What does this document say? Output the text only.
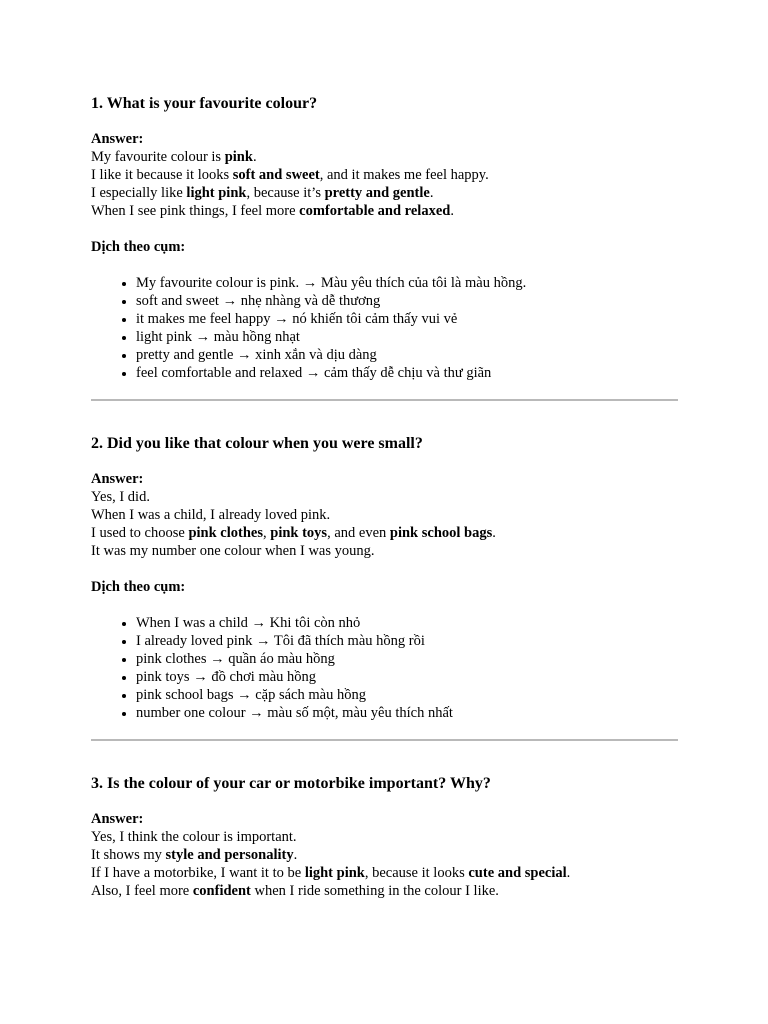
1. What is your favourite colour?
Answer:
My favourite colour is pink.
I like it because it looks soft and sweet, and it makes me feel happy.
I especially like light pink, because it’s pretty and gentle.
When I see pink things, I feel more comfortable and relaxed.
Dịch theo cụm:
• My favourite colour is pink. → Màu yêu thích của tôi là màu hồng.
• soft and sweet → nhẹ nhàng và dễ thương
• it makes me feel happy → nó khiến tôi cảm thấy vui vẻ
• light pink → màu hồng nhạt
• pretty and gentle → xinh xắn và dịu dàng
• feel comfortable and relaxed → cảm thấy dễ chịu và thư giãn
2. Did you like that colour when you were small?
Answer:
Yes, I did.
When I was a child, I already loved pink.
I used to choose pink clothes, pink toys, and even pink school bags.
It was my number one colour when I was young.
Dịch theo cụm:
• When I was a child → Khi tôi còn nhỏ
• I already loved pink → Tôi đã thích màu hồng rồi
• pink clothes → quần áo màu hồng
• pink toys → đồ chơi màu hồng
• pink school bags → cặp sách màu hồng
• number one colour → màu số một, màu yêu thích nhất
3. Is the colour of your car or motorbike important? Why?
Answer:
Yes, I think the colour is important.
It shows my style and personality.
If I have a motorbike, I want it to be light pink, because it looks cute and special.
Also, I feel more confident when I ride something in the colour I like.
